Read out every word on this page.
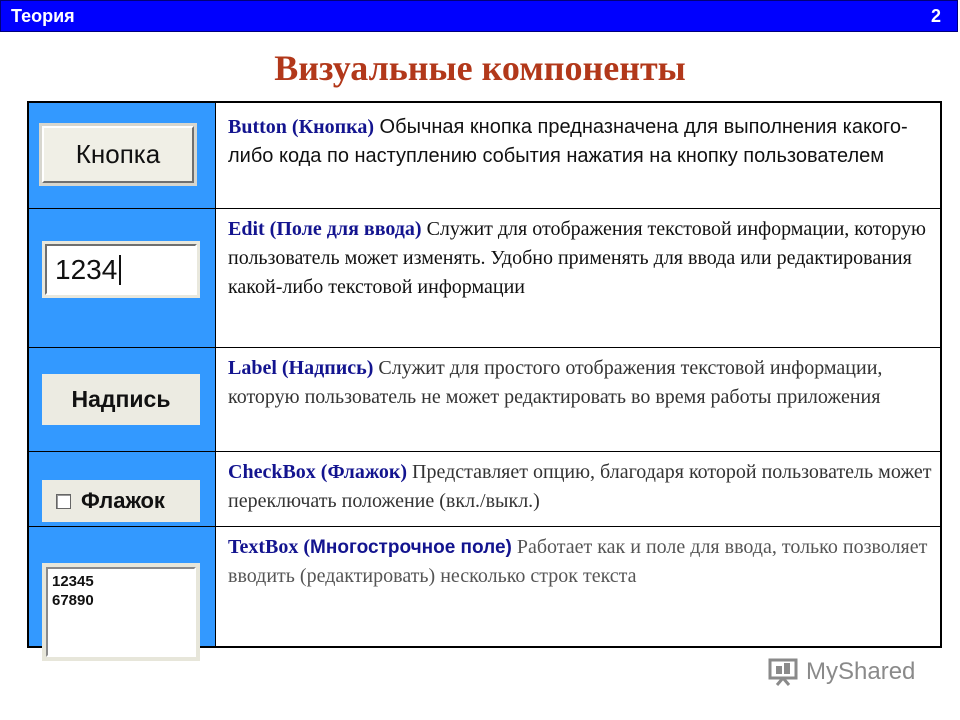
Теория	2
Визуальные компоненты
Button (Кнопка) Обычная кнопка предназначена для выполнения какого-либо кода по наступлению события нажатия на кнопку пользователем
Edit (Поле для ввода) Служит для отображения текстовой информации, которую пользователь может изменять. Удобно применять для ввода или редактирования какой-либо текстовой информации
Label (Надпись) Служит для простого отображения текстовой информации, которую пользователь не может редактировать во время работы приложения
CheckBox (Флажок) Представляет опцию, благодаря которой пользователь может переключать положение (вкл./выкл.)
TextBox (Многострочное поле) Работает как и поле для ввода, только позволяет вводить (редактировать) несколько строк текста
Кнопка
1234
Надпись
Флажок
12345
67890
MyShared
